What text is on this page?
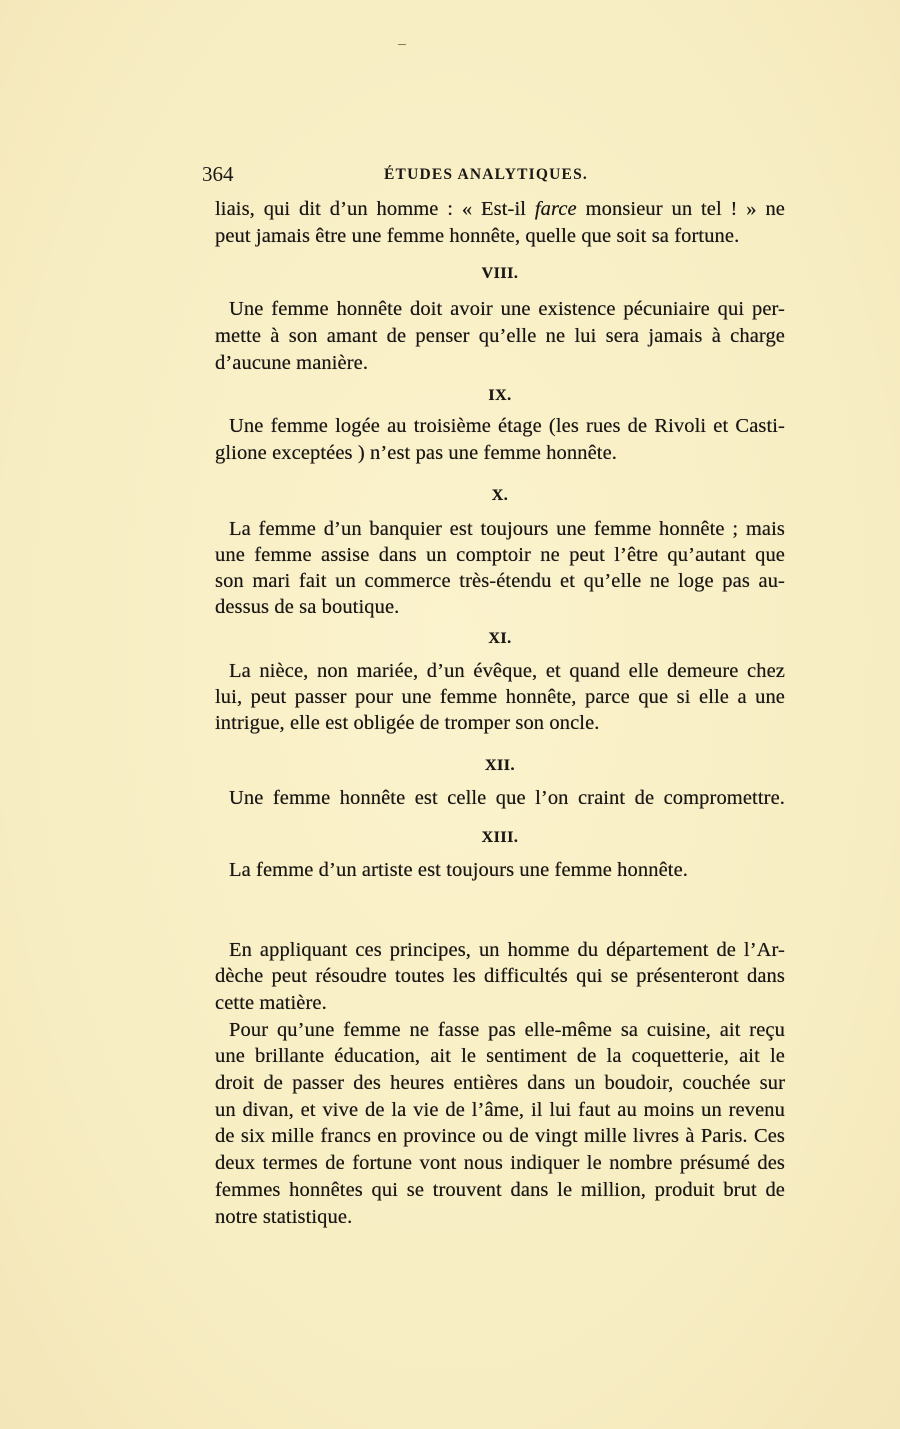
364	ÉTUDES ANALYTIQUES.
liais, qui dit d’un homme : « Est-il farce monsieur un tel ! » ne
peut jamais être une femme honnête, quelle que soit sa fortune.
VIII.
Une femme honnête doit avoir une existence pécuniaire qui per-
mette à son amant de penser qu’elle ne lui sera jamais à charge
d’aucune manière.
IX.
Une femme logée au troisième étage (les rues de Rivoli et Casti-
glione exceptées ) n’est pas une femme honnête.
X.
La femme d’un banquier est toujours une femme honnête ; mais
une femme assise dans un comptoir ne peut l’être qu’autant que
son mari fait un commerce très-étendu et qu’elle ne loge pas au-
dessus de sa boutique.
XI.
La nièce, non mariée, d’un évêque, et quand elle demeure chez
lui, peut passer pour une femme honnête, parce que si elle a une
intrigue, elle est obligée de tromper son oncle.
XII.
Une femme honnête est celle que l’on craint de compromettre.
XIII.
La femme d’un artiste est toujours une femme honnête.
En appliquant ces principes, un homme du département de l’Ar-
dèche peut résoudre toutes les difficultés qui se présenteront dans
cette matière.
Pour qu’une femme ne fasse pas elle-même sa cuisine, ait reçu
une brillante éducation, ait le sentiment de la coquetterie, ait le
droit de passer des heures entières dans un boudoir, couchée sur
un divan, et vive de la vie de l’âme, il lui faut au moins un revenu
de six mille francs en province ou de vingt mille livres à Paris. Ces
deux termes de fortune vont nous indiquer le nombre présumé des
femmes honnêtes qui se trouvent dans le million, produit brut de
notre statistique.
